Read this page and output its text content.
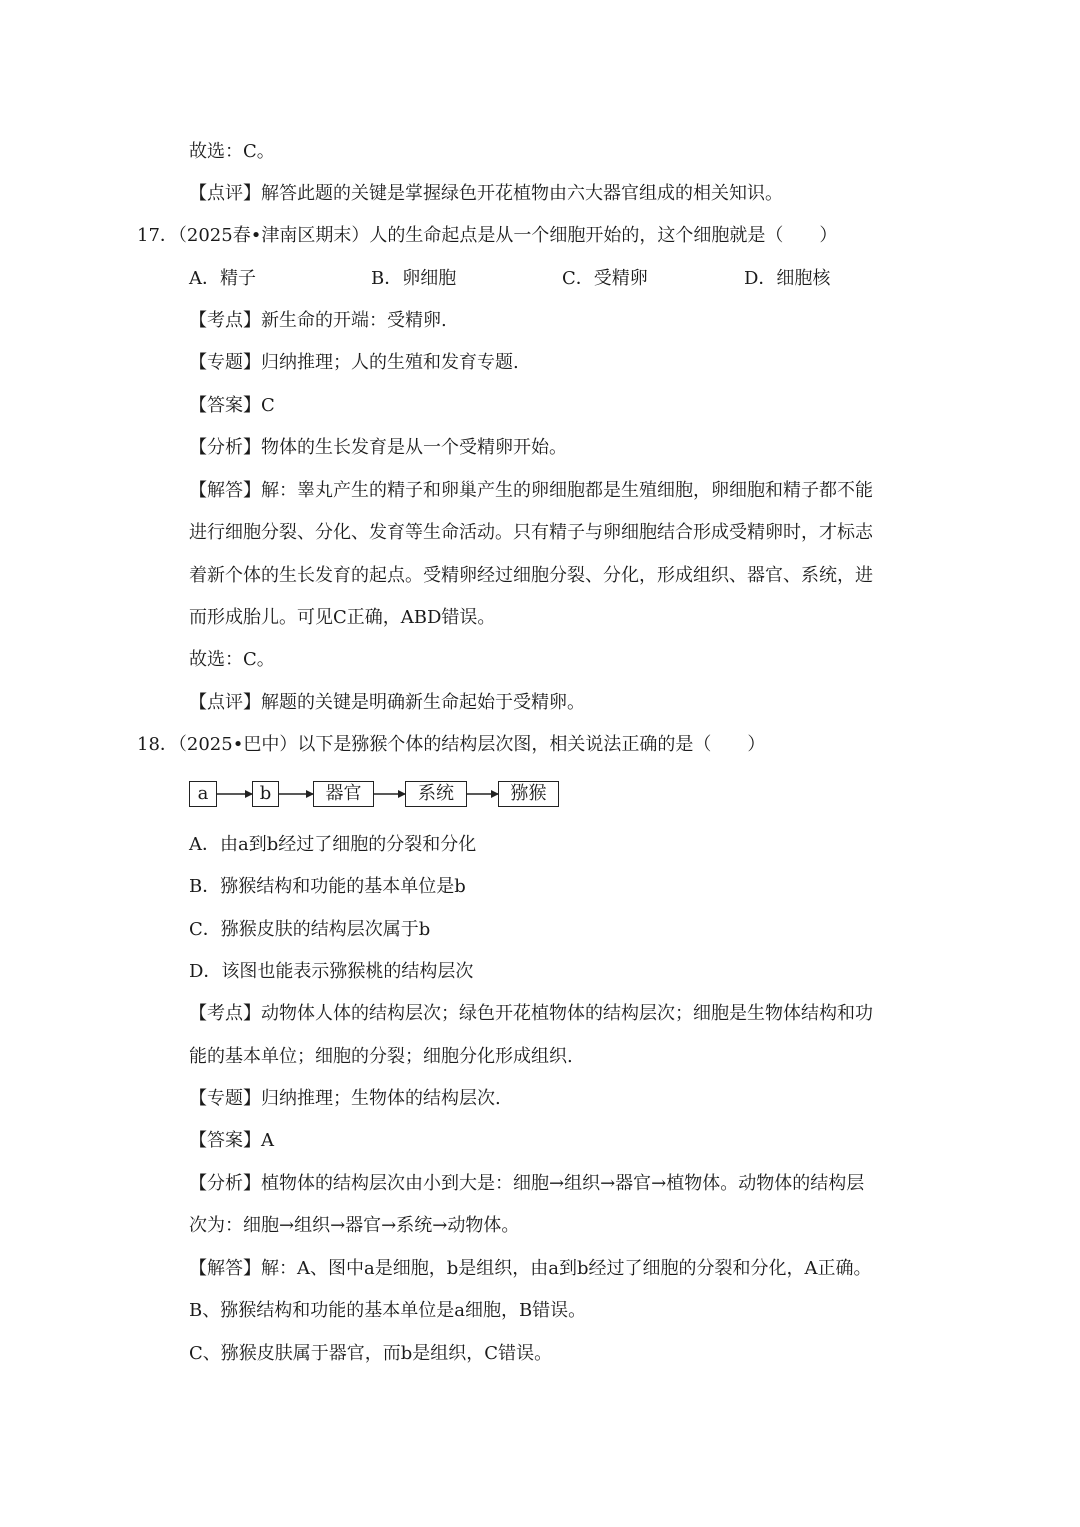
故选：C。
【点评】解答此题的关键是掌握绿色开花植物由六大器官组成的相关知识。
17．（2025春•津南区期末）人的生命起点是从一个细胞开始的，这个细胞就是（　　）
A．精子	B．卵细胞	C．受精卵	D．细胞核
【考点】新生命的开端：受精卵.
【专题】归纳推理；人的生殖和发育专题.
【答案】C
【分析】物体的生长发育是从一个受精卵开始。
【解答】解：睾丸产生的精子和卵巢产生的卵细胞都是生殖细胞，卵细胞和精子都不能
进行细胞分裂、分化、发育等生命活动。只有精子与卵细胞结合形成受精卵时，才标志
着新个体的生长发育的起点。受精卵经过细胞分裂、分化，形成组织、器官、系统，进
而形成胎儿。可见C正确，ABD错误。
故选：C。
【点评】解题的关键是明确新生命起始于受精卵。
18．（2025•巴中）以下是猕猴个体的结构层次图，相关说法正确的是（　　）
a	b	器官	系统	猕猴
A．由a到b经过了细胞的分裂和分化
B．猕猴结构和功能的基本单位是b
C．猕猴皮肤的结构层次属于b
D．该图也能表示猕猴桃的结构层次
【考点】动物体人体的结构层次；绿色开花植物体的结构层次；细胞是生物体结构和功
能的基本单位；细胞的分裂；细胞分化形成组织.
【专题】归纳推理；生物体的结构层次.
【答案】A
【分析】植物体的结构层次由小到大是：细胞→组织→器官→植物体。动物体的结构层
次为：细胞→组织→器官→系统→动物体。
【解答】解：A、图中a是细胞，b是组织，由a到b经过了细胞的分裂和分化，A正确。
B、猕猴结构和功能的基本单位是a细胞，B错误。
C、猕猴皮肤属于器官，而b是组织，C错误。
